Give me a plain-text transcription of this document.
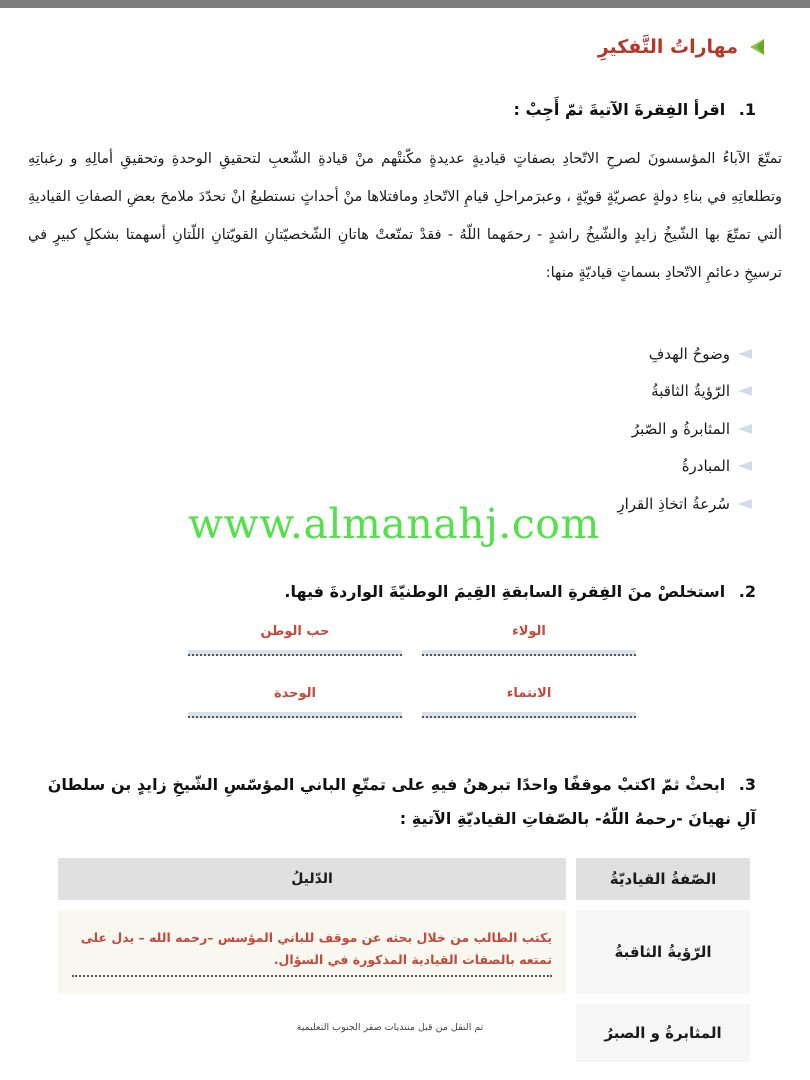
مهاراتُ التَّفكيرِ
1. اقرأ الفِقرةَ الآتيةَ ثمّ أَجِبْ :

تمتّعَ الآباءُ المؤسسونَ لصرحِ الاتّحادِ بصفاتٍ قياديةٍ عديدةٍ مكّنتْهم منْ قيادةِ الشّعبِ لتحقيقِ الوحدةِ وتحقيقِ أمالِهِ و رغباتِهِ وتطلعاتِهِ في بناءِ دولةٍ عصريّةٍ قويّةٍ ، وعبرَمراحلِ قيامِ الاتّحادِ ومافتلاها منْ أحداثٍ نستطيعُ انْ نحدّدَ ملامحَ بعضِ الصفاتِ القياديةِ ألتي تمتّعَ بها الشّيخُ زايدٍ والشّيخُ راشدٍ - رحمَهما اللّهُ - فقدْ تمتّعتْ هاتانِ الشّخصيّتانِ القويّتانِ اللّتانِ أسهمتا بشكلٍ كبيرٍ في ترسيخِ دعائمِ الاتّحادِ بسماتٍ قياديّةٍ منها:

وضوحُ الهدفِ
الرّؤيةُ الثاقبةُ
المثابرةُ و الصّبرُ
المبادرةُ
سُرعةُ اتخاذِ القرارِ
www.almanahj.com
2. استخلصْ منَ الفِقرةِ السابقةِ القِيمَ الوطنيّةَ الواردةَ فيها.
الولاء
حب الوطن
الانتماء
الوحدة
3. ابحثْ ثمّ اكتبْ موقفًا واحدًا تبرهنُ فيهِ على تمتّعِ الباني المؤسّسِ الشّيخِ زايدٍ بن سلطانَ آلِ نهيانَ -رحمهُ اللّهُ- بالصّفاتِ القياديّةِ الآتيةِ :
الصّفةُ القياديّةُ
الدّليلُ
الرّؤيةُ الثاقبةُ
يكتب الطالب من خلال بحثه عن موقف للباني المؤسس –رحمه الله – يدل على تمتعه بالصفات القيادية المذكورة في السؤال.
المثابرةُ و الصبرُ
تم النقل من قبل منتديات صقر الجنوب التعليمية
